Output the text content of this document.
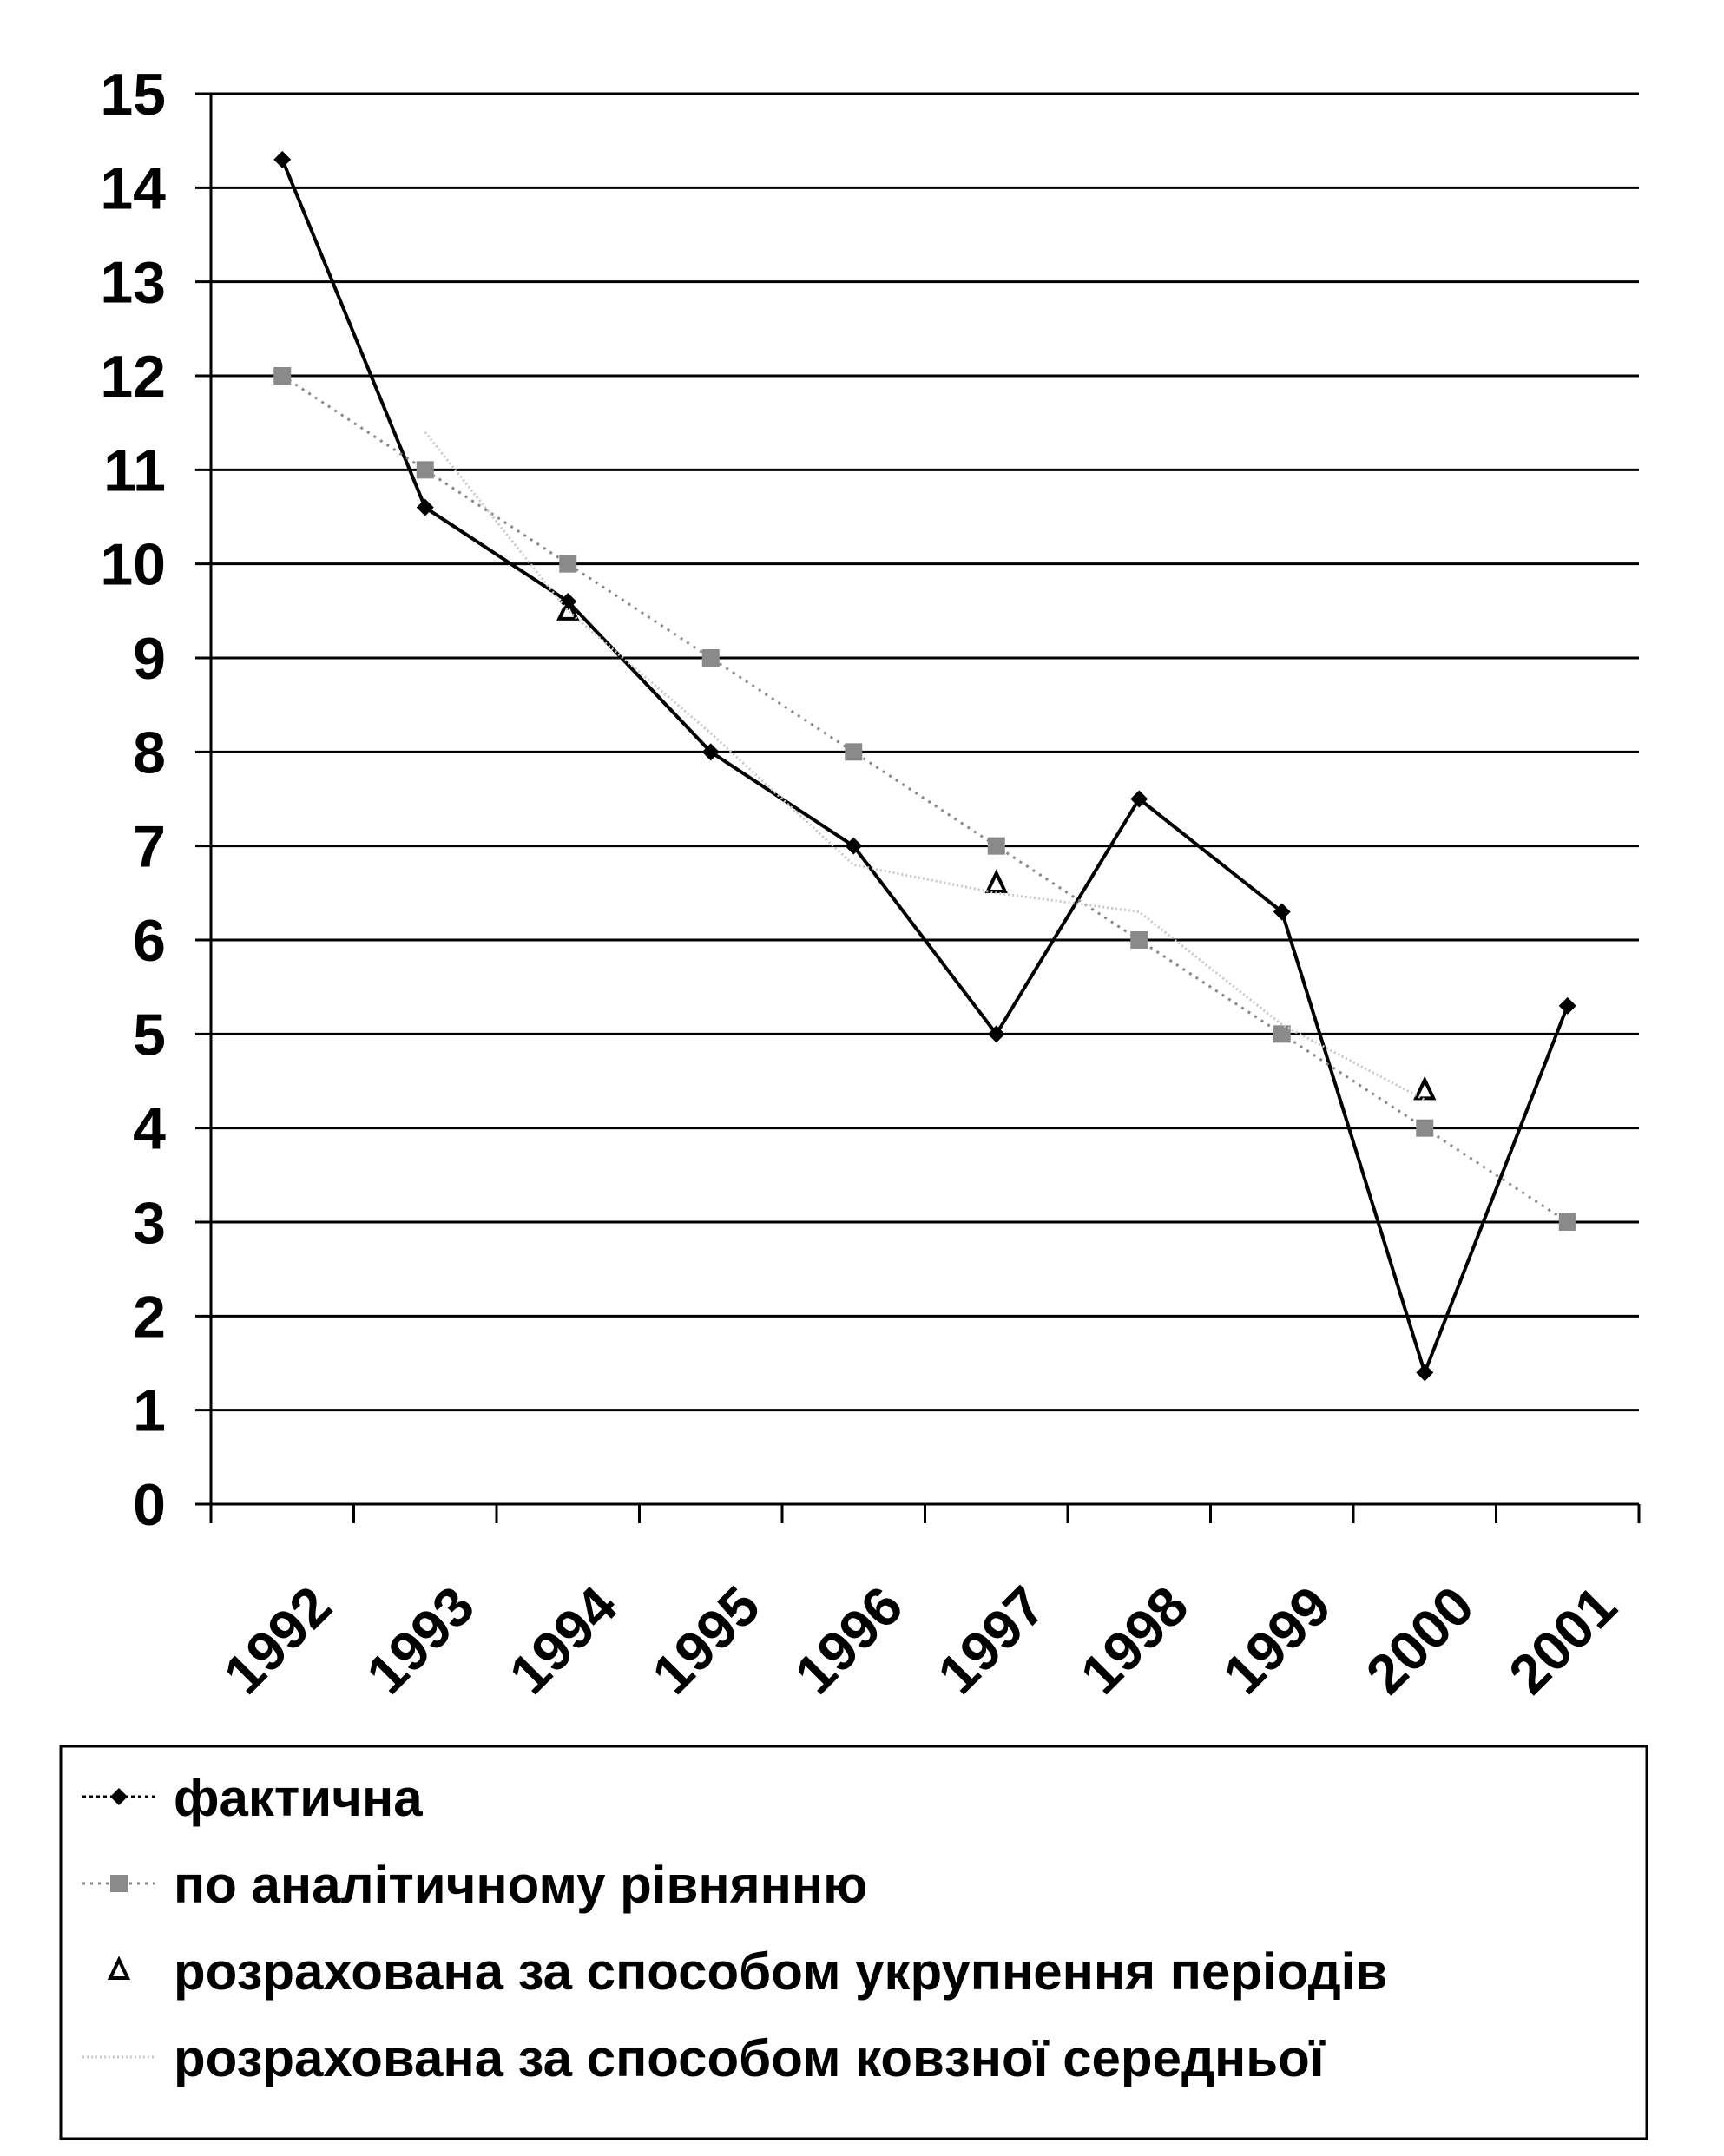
0
1
2
3
4
5
6
7
8
9
10
11
12
13
14
15
1992 1993 1994 1995 1996 1997 1998 1999 2000 2001
фактична
по аналітичному рівнянню
розрахована за способом укрупнення періодів
розрахована за способом ковзної середньої
